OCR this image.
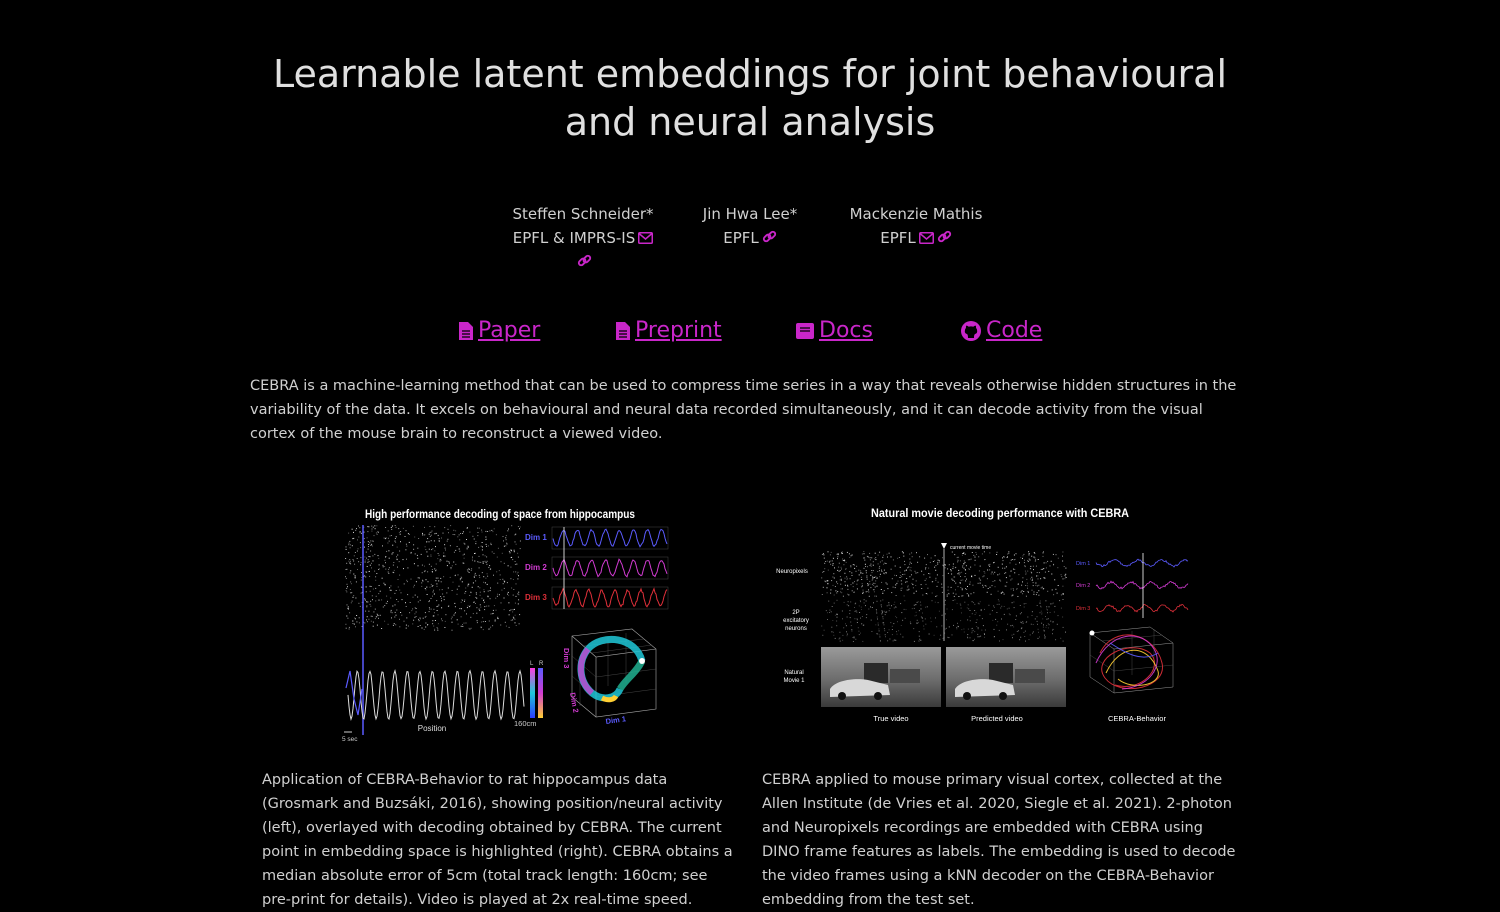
Learnable latent embeddings for joint behavioural and neural analysis
Steffen Schneider*
EPFL & IMPRS-IS
Jin Hwa Lee*
EPFL
Mackenzie Mathis
EPFL
Paper	Preprint	Docs	Code

CEBRA is a machine-learning method that can be used to compress time series in a way that reveals otherwise hidden structures in the variability of the data. It excels on behavioural and neural data recorded simultaneously, and it can decode activity from the visual cortex of the mouse brain to reconstruct a viewed video.

High performance decoding of space from hippocampus
Dim 1
Dim 2
Dim 3
L R
160cm
Position
5 sec
Dim 3
Dim 2
Dim 1
Natural movie decoding performance with CEBRA
current movie time
Neuropixels
2P
excitatory
neurons
Natural
Movie 1
True video	Predicted video
Dim 1
Dim 2
Dim 3
CEBRA-Behavior

Application of CEBRA-Behavior to rat hippocampus data (Grosmark and Buzsáki, 2016), showing position/neural activity (left), overlayed with decoding obtained by CEBRA. The current point in embedding space is highlighted (right). CEBRA obtains a median absolute error of 5cm (total track length: 160cm; see pre-print for details). Video is played at 2x real-time speed.

CEBRA applied to mouse primary visual cortex, collected at the Allen Institute (de Vries et al. 2020, Siegle et al. 2021). 2-photon and Neuropixels recordings are embedded with CEBRA using DINO frame features as labels. The embedding is used to decode the video frames using a kNN decoder on the CEBRA-Behavior embedding from the test set.
